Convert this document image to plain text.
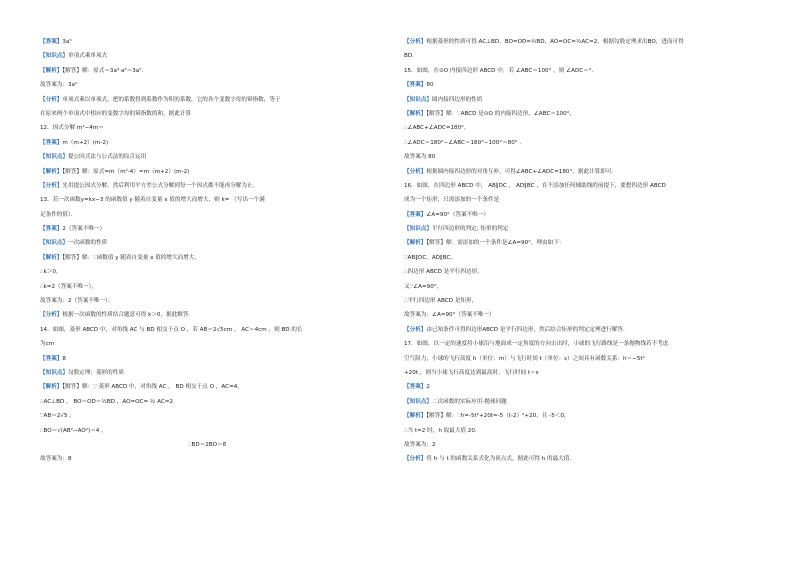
【答案】3a⁵
【知识点】单项式乘单项式
【解析】【解答】解：原式＝3a³·a²＝3a⁵．
故答案为：3a⁵
【分析】单项式乘以单项式，把的系数得到系数作为积的系数，它的各个变数字母的幂指数，等于
在原来两个单项式中相应的变数字母的幂指数的和，据此计算
12．因式分解 m²−4m＝
【答案】m（m+2）(m-2)
【知识点】提公因式法与公式法的综合运用
【解析】【解答】解：原式=m（m²-4）=m（m+2）(m-2)
【分析】先用提公因式分解，然后利用平方差公式分解到每一个因式都不能再分解为止。
13．若一次函数y=kx−3 的函数值 y 随着自变量 x 值的增大而增大，则 k= （写出一个满
足条件的值）．
【答案】2（答案不唯一）
【知识点】一次函数的性质
【解析】【解答】解：∵函数值 y 随着自变量 x 值的增大而增大，
∴k＞0，
∴k=2（答案不唯一），
故答案为：2（答案不唯一）．
【分析】根据一次函数的性质结合题意可得 k＞0，据此解答．
14．如图，菱形 ABCD 中，对角线 AC 与 BD 相交于点 O ，若 AB＝2√5cm ， AC＝4cm ，则 BD 的长
为cm
【答案】8
【知识点】勾股定理；菱形的性质
【解析】【解答】解：∵ 菱形 ABCD 中，对角线 AC ， BD 相交于点 O ，AC=4，
∴AC⊥BD ， BO＝OD＝½BD ，AO=OC= ½ AC=2
∵AB＝2√5 ，
∴BO＝√(AB²−AO²)＝4 ，
∴BD＝2BO＝8
故答案为：8
【分析】根据菱形的性质可得 AC⊥BD，BO=OD=½BD，AO=OC=½AC=2，根据勾股定理求出BO，进而可得
BD.
15．如图，在⊙O 内接四边形 ABCD 中，若 ∠ABC＝100° ，则 ∠ADC＝°．
【答案】80
【知识点】圆内接四边形的性质
【解析】【解答】解：∵ABCD 是⊙O 的内接四边形，∠ABC＝100°,
∴∠ABC+∠ADC=180°，
∴∠ADC＝180°−∠ABC＝180°−100°＝80° ．
故答案为 80
【分析】根据圆内接四边形的对角互补，可得∠ABC+∠ADC=180°，据此计算即可．
16．如图，在四边形 ABCD 中， AB∥DC ， AD∥BC ，在不添加任何辅助线的前提下，要想四边形 ABCD
成为一个矩形，只需添加的一个条件是
【答案】∠A=90°（答案不唯一）
【知识点】平行四边形的判定; 矩形的判定
【解析】【解答】解：需添加的一个条件是∠A=90°，理由如下：
∵AB∥DC，AD∥BC，
∴四边形 ABCD 是平行四边形，
又∵∠A=90°，
∴平行四边形 ABCD 是矩形，
故答案为：∠A=90°（答案不唯一）
【分析】由已知条件可得四边形ABCD 是平行四边形，然后结合矩形的判定定理进行解答．
17．如图，以一定的速度将小球沿与地面成一定角度的方向击出时，小球的飞行路线是一条抛物线若不考虑
空气阻力，小球的飞行高度 h（单位：m）与飞行时间 t（单位：s）之间具有函数关系：h＝−5t²
+20t ，则当小球飞行高度达到最高时，飞行时间 t＝s
【答案】2
【知识点】二次函数的实际应用-抛球问题
【解析】【解答】解：∵h=-5t²+20t=-5（t-2）²+20，且 -5＜0，
∴当 t=2 时，h 取最大值 20.
故答案为：2
【分析】将 h 与 t 的函数关系式化为顶点式，据此可得 h 的最大值.
